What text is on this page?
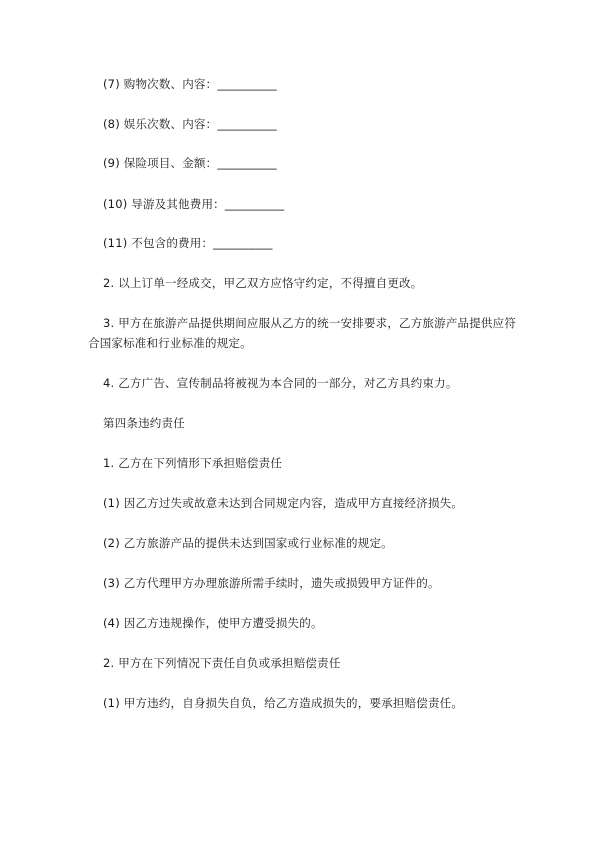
(7) 购物次数、内容：__________
(8) 娱乐次数、内容：__________
(9) 保险项目、金额：__________
(10) 导游及其他费用：__________
(11) 不包含的费用：__________
2. 以上订单一经成交，甲乙双方应恪守约定，不得擅自更改。
3. 甲方在旅游产品提供期间应服从乙方的统一安排要求，乙方旅游产品提供应符
合国家标准和行业标准的规定。
4. 乙方广告、宣传制品将被视为本合同的一部分，对乙方具约束力。
第四条违约责任
1. 乙方在下列情形下承担赔偿责任
(1) 因乙方过失或故意未达到合同规定内容，造成甲方直接经济损失。
(2) 乙方旅游产品的提供未达到国家或行业标准的规定。
(3) 乙方代理甲方办理旅游所需手续时，遗失或损毁甲方证件的。
(4) 因乙方违规操作，使甲方遭受损失的。
2. 甲方在下列情况下责任自负或承担赔偿责任
(1) 甲方违约，自身损失自负，给乙方造成损失的，要承担赔偿责任。
